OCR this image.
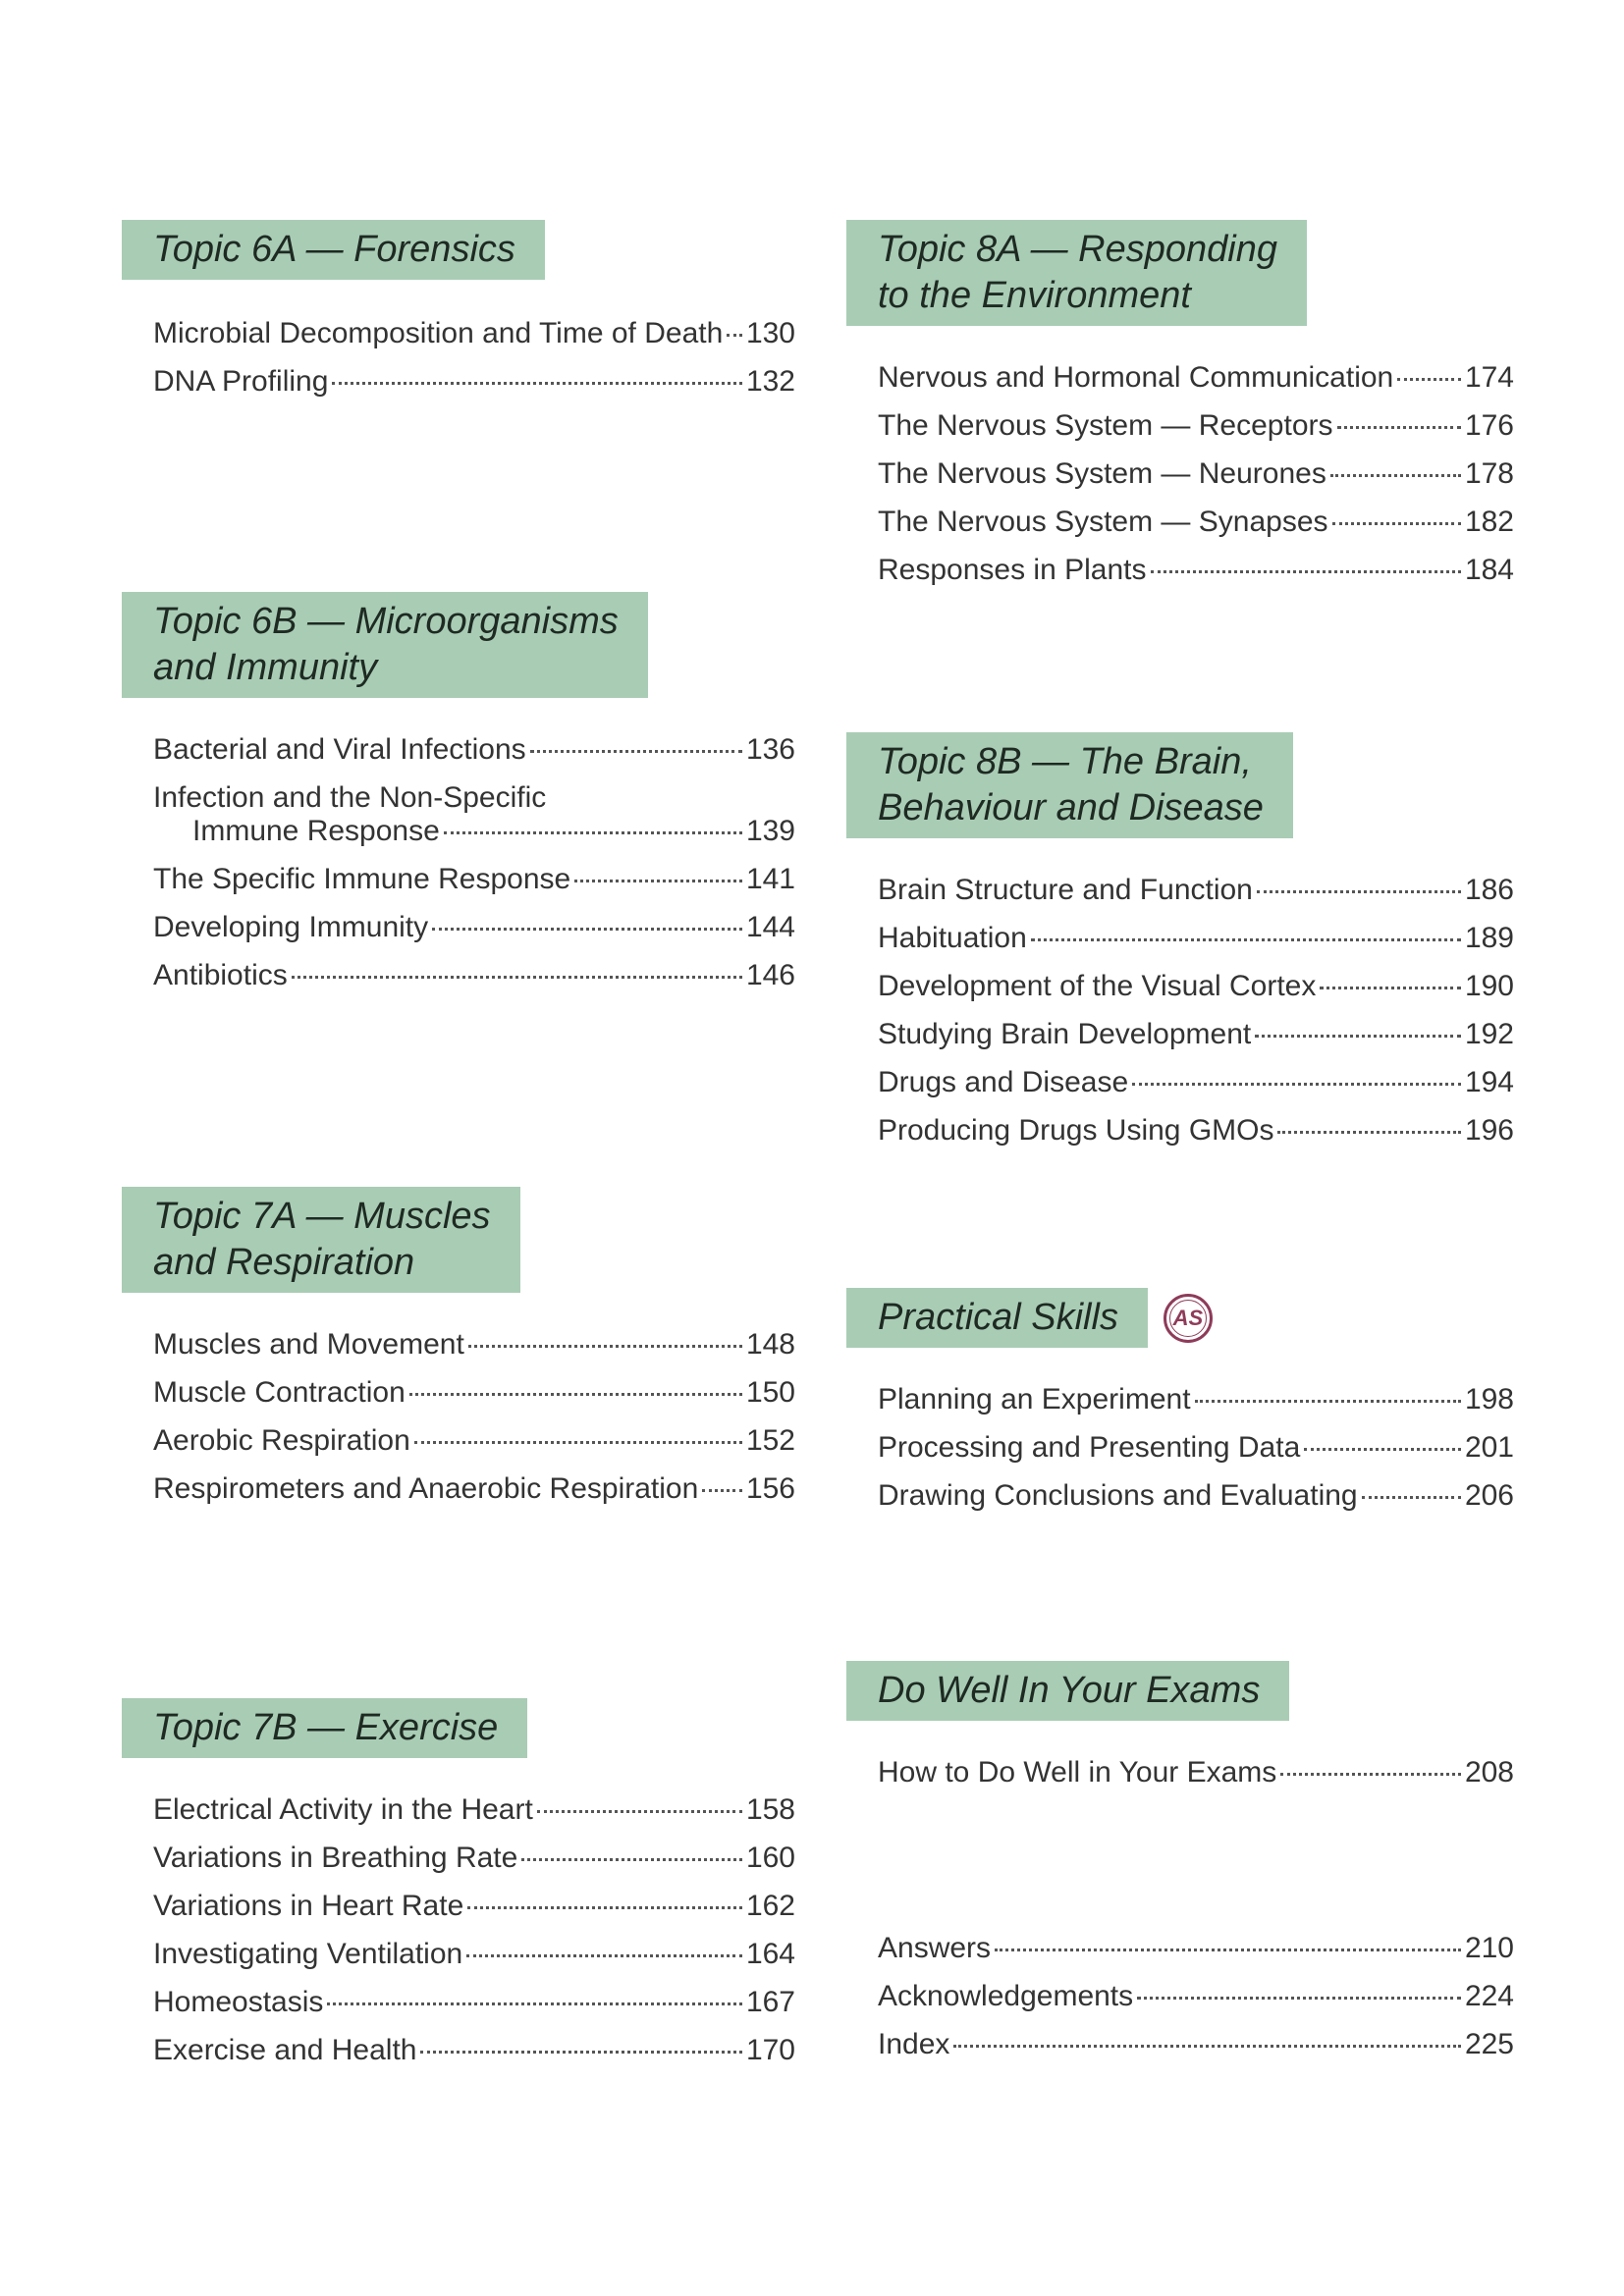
Topic 6A — Forensics
Microbial Decomposition and Time of Death 130
DNA Profiling	132
Topic 6B — Microorganisms
and Immunity
Bacterial and Viral Infections	136
Infection and the Non-Specific
Immune Response	139
The Specific Immune Response	141
Developing Immunity	144
Antibiotics	146
Topic 7A — Muscles
and Respiration
Muscles and Movement	148
Muscle Contraction	150
Aerobic Respiration	152
Respirometers and Anaerobic Respiration 156
Topic 7B — Exercise
Electrical Activity in the Heart	158
Variations in Breathing Rate	160
Variations in Heart Rate	162
Investigating Ventilation	164
Homeostasis	167
Exercise and Health	170
Topic 8A — Responding
to the Environment
Nervous and Hormonal Communication 174
The Nervous System — Receptors	176
The Nervous System — Neurones	178
The Nervous System — Synapses	182
Responses in Plants	184
Topic 8B — The Brain,
Behaviour and Disease
Brain Structure and Function	186
Habituation	189
Development of the Visual Cortex	190
Studying Brain Development	192
Drugs and Disease	194
Producing Drugs Using GMOs	196
Practical Skills	AS
Planning an Experiment	198
Processing and Presenting Data	201
Drawing Conclusions and Evaluating	206
Do Well In Your Exams
How to Do Well in Your Exams	208
Answers	210
Acknowledgements	224
Index	225
